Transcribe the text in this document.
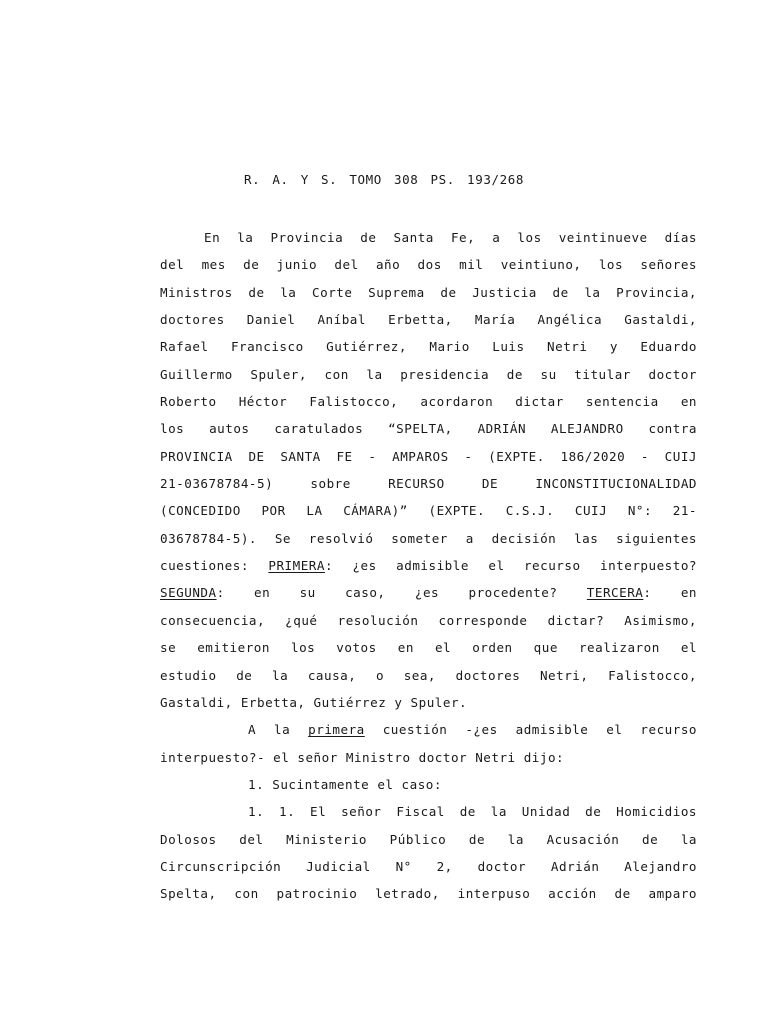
R. A. Y S. TOMO 308 PS. 193/268
En la Provincia de Santa Fe, a los veintinueve días
del mes de junio del año dos mil veintiuno, los señores
Ministros de la Corte Suprema de Justicia de la Provincia,
doctores Daniel Aníbal Erbetta, María Angélica Gastaldi,
Rafael Francisco Gutiérrez, Mario Luis Netri y Eduardo
Guillermo Spuler, con la presidencia de su titular doctor
Roberto Héctor Falistocco, acordaron dictar sentencia en
los autos caratulados “SPELTA, ADRIÁN ALEJANDRO contra
PROVINCIA DE SANTA FE - AMPAROS - (EXPTE. 186/2020 - CUIJ
21-03678784-5) sobre RECURSO DE INCONSTITUCIONALIDAD
(CONCEDIDO POR LA CÁMARA)” (EXPTE. C.S.J. CUIJ N°: 21-
03678784-5). Se resolvió someter a decisión las siguientes
cuestiones: PRIMERA: ¿es admisible el recurso interpuesto?
SEGUNDA: en su caso, ¿es procedente? TERCERA: en
consecuencia, ¿qué resolución corresponde dictar? Asimismo,
se emitieron los votos en el orden que realizaron el
estudio de la causa, o sea, doctores Netri, Falistocco,
Gastaldi, Erbetta, Gutiérrez y Spuler.
A la primera cuestión -¿es admisible el recurso
interpuesto?- el señor Ministro doctor Netri dijo:
1. Sucintamente el caso:
1. 1. El señor Fiscal de la Unidad de Homicidios
Dolosos del Ministerio Público de la Acusación de la
Circunscripción Judicial N° 2, doctor Adrián Alejandro
Spelta, con patrocinio letrado, interpuso acción de amparo
